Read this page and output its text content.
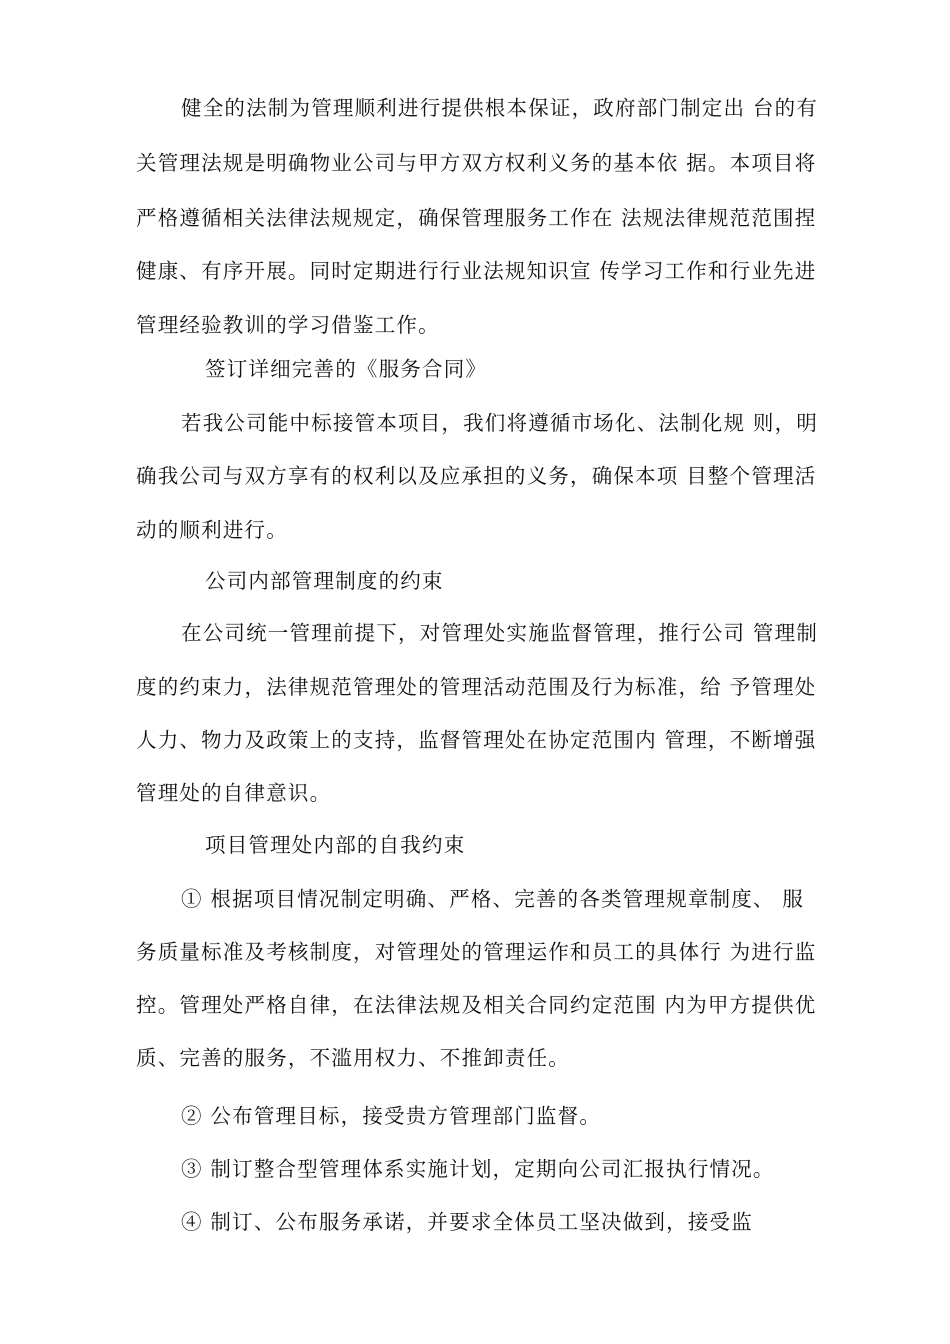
健全的法制为管理顺利进行提供根本保证，政府部门制定出 台的有
关管理法规是明确物业公司与甲方双方权利义务的基本依 据。本项目将
严格遵循相关法律法规规定，确保管理服务工作在 法规法律规范范围捏
健康、有序开展。同时定期进行行业法规知识宣 传学习工作和行业先进
管理经验教训的学习借鉴工作。
签订详细完善的《服务合同》
若我公司能中标接管本项目，我们将遵循市场化、法制化规 则，明
确我公司与双方享有的权利以及应承担的义务，确保本项 目整个管理活
动的顺利进行。
公司内部管理制度的约束
在公司统一管理前提下，对管理处实施监督管理，推行公司 管理制
度的约束力，法律规范管理处的管理活动范围及行为标准，给 予管理处
人力、物力及政策上的支持，监督管理处在协定范围内 管理，不断增强
管理处的自律意识。
项目管理处内部的自我约束
① 根据项目情况制定明确、严格、完善的各类管理规章制度、 服
务质量标准及考核制度，对管理处的管理运作和员工的具体行 为进行监
控。管理处严格自律，在法律法规及相关合同约定范围 内为甲方提供优
质、完善的服务，不滥用权力、不推卸责任。
② 公布管理目标，接受贵方管理部门监督。
③ 制订整合型管理体系实施计划，定期向公司汇报执行情况。
④ 制订、公布服务承诺，并要求全体员工坚决做到，接受监
